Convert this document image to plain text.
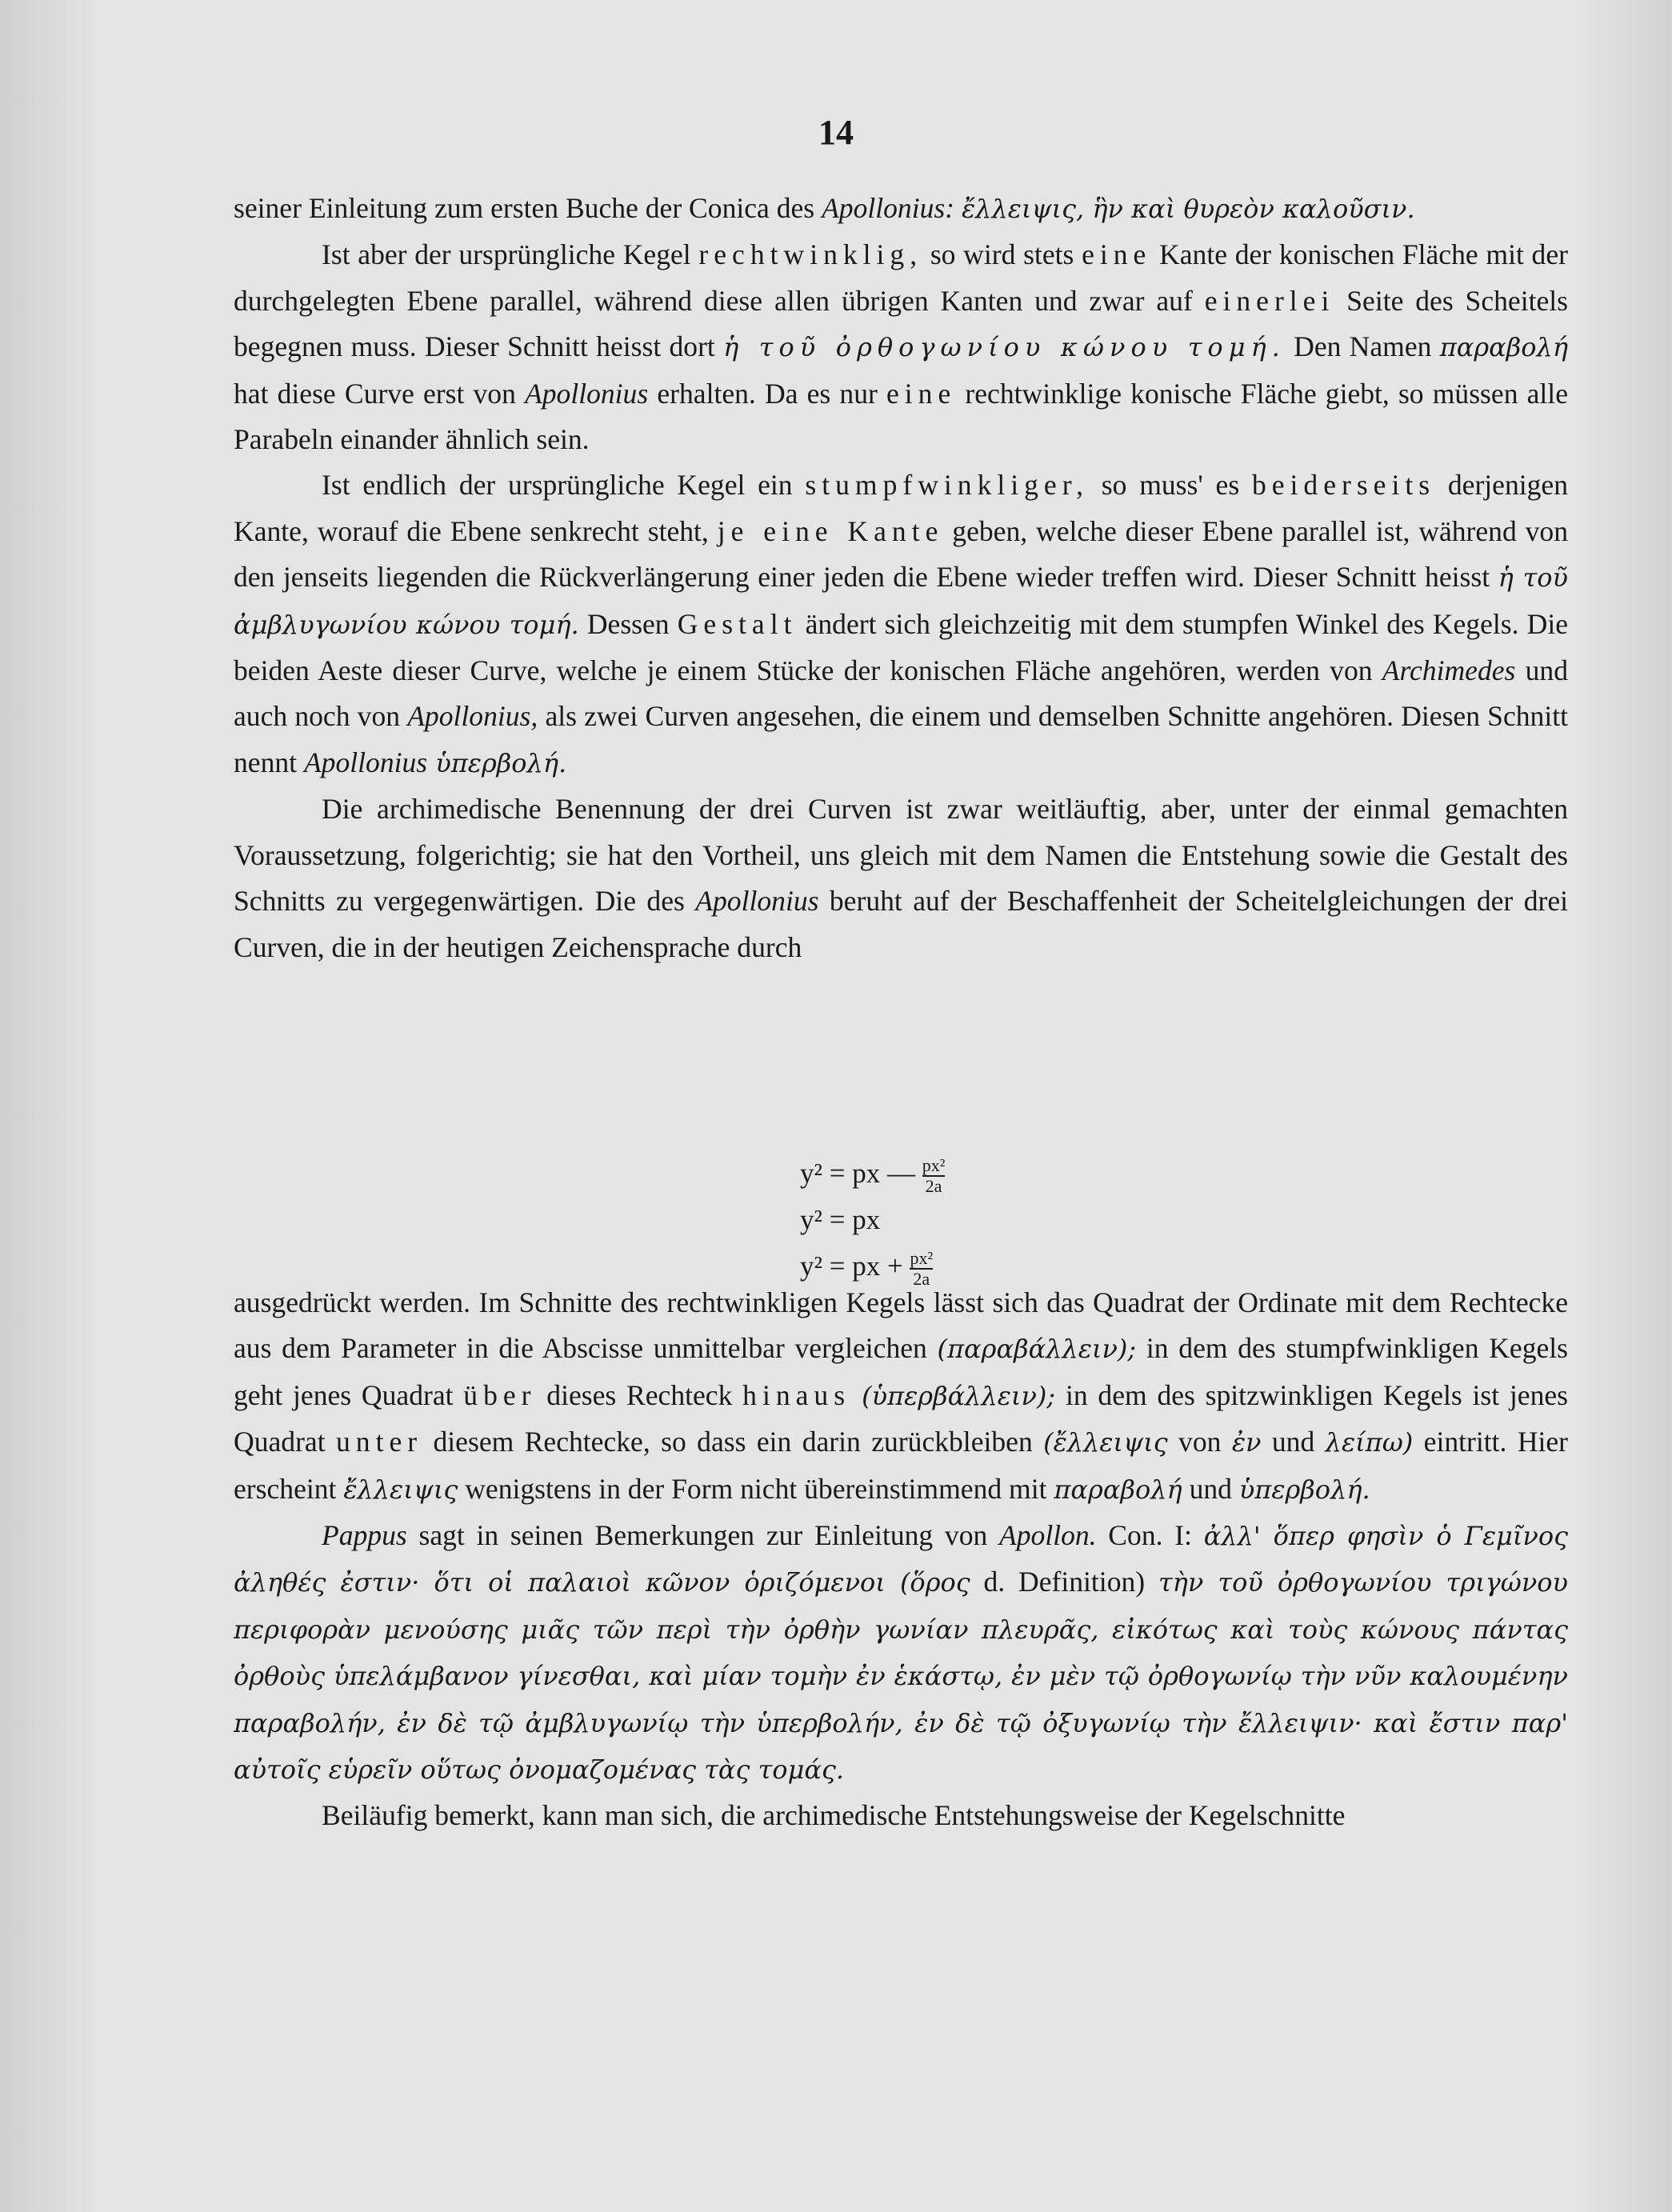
14

seiner Einleitung zum ersten Buche der Conica des Apollonius: ἔλλειψις, ἣν καὶ θυρεὸν καλοῦσιν.

Ist aber der ursprüngliche Kegel rechtwinklig, so wird stets eine Kante der konischen Fläche mit der durchgelegten Ebene parallel, während diese allen übrigen Kanten und zwar auf einerlei Seite des Scheitels begegnen muss. Dieser Schnitt heisst dort ἡ τοῦ ὀρθογωνίου κώνου τομή. Den Namen παραβολή hat diese Curve erst von Apollonius erhalten. Da es nur eine rechtwinklige konische Fläche giebt, so müssen alle Parabeln einander ähnlich sein.

Ist endlich der ursprüngliche Kegel ein stumpfwinkliger, so muss' es beiderseits derjenigen Kante, worauf die Ebene senkrecht steht, je eine Kante geben, welche dieser Ebene parallel ist, während von den jenseits liegenden die Rückverlängerung einer jeden die Ebene wieder treffen wird. Dieser Schnitt heisst ἡ τοῦ ἀμβλυγωνίου κώνου τομή. Dessen Gestalt ändert sich gleichzeitig mit dem stumpfen Winkel des Kegels. Die beiden Aeste dieser Curve, welche je einem Stücke der konischen Fläche angehören, werden von Archimedes und auch noch von Apollonius, als zwei Curven angesehen, die einem und demselben Schnitte angehören. Diesen Schnitt nennt Apollonius ὑπερβολή.

Die archimedische Benennung der drei Curven ist zwar weitläuftig, aber, unter der einmal gemachten Voraussetzung, folgerichtig; sie hat den Vortheil, uns gleich mit dem Namen die Entstehung sowie die Gestalt des Schnitts zu vergegenwärtigen. Die des Apollonius beruht auf der Beschaffenheit der Scheitelgleichungen der drei Curven, die in der heutigen Zeichensprache durch

y² = px — $\frac{\text{px²}}{2a}$
y² = px
y² = px + $\frac{\text{px²}}{2a}$

ausgedrückt werden. Im Schnitte des rechtwinkligen Kegels lässt sich das Quadrat der Ordinate mit dem Rechtecke aus dem Parameter in die Abscisse unmittelbar vergleichen (παραβάλλειν); in dem des stumpfwinkligen Kegels geht jenes Quadrat über dieses Rechteck hinaus (ὑπερβάλλειν); in dem des spitzwinkligen Kegels ist jenes Quadrat unter diesem Rechtecke, so dass ein darin zurückbleiben (ἔλλειψις von ἐν und λείπω) eintritt. Hier erscheint ἔλλειψις wenigstens in der Form nicht übereinstimmend mit παραβολή und ὑπερβολή.

Pappus sagt in seinen Bemerkungen zur Einleitung von Apollon. Con. I: ἀλλ' ὅπερ φησὶν ὁ Γεμῖνος ἀληθές ἐστιν· ὅτι οἱ παλαιοὶ κῶνον ὁριζόμενοι (ὅρος d. Definition) τὴν τοῦ ὀρθογωνίου τριγώνου περιφορὰν μενούσης μιᾶς τῶν περὶ τὴν ὀρθὴν γωνίαν πλευρᾶς, εἰκότως καὶ τοὺς κώνους πάντας ὀρθοὺς ὑπελάμβανον γίνεσθαι, καὶ μίαν τομὴν ἐν ἑκάστῳ, ἐν μὲν τῷ ὀρθογωνίῳ τὴν νῦν καλουμένην παραβολήν, ἐν δὲ τῷ ἀμβλυγωνίῳ τὴν ὑπερβολήν, ἐν δὲ τῷ ὀξυγωνίῳ τὴν ἔλλειψιν· καὶ ἔστιν παρ' αὐτοῖς εὑρεῖν οὕτως ὀνομαζομένας τὰς τομάς.

Beiläufig bemerkt, kann man sich, die archimedische Entstehungsweise der Kegelschnitte
